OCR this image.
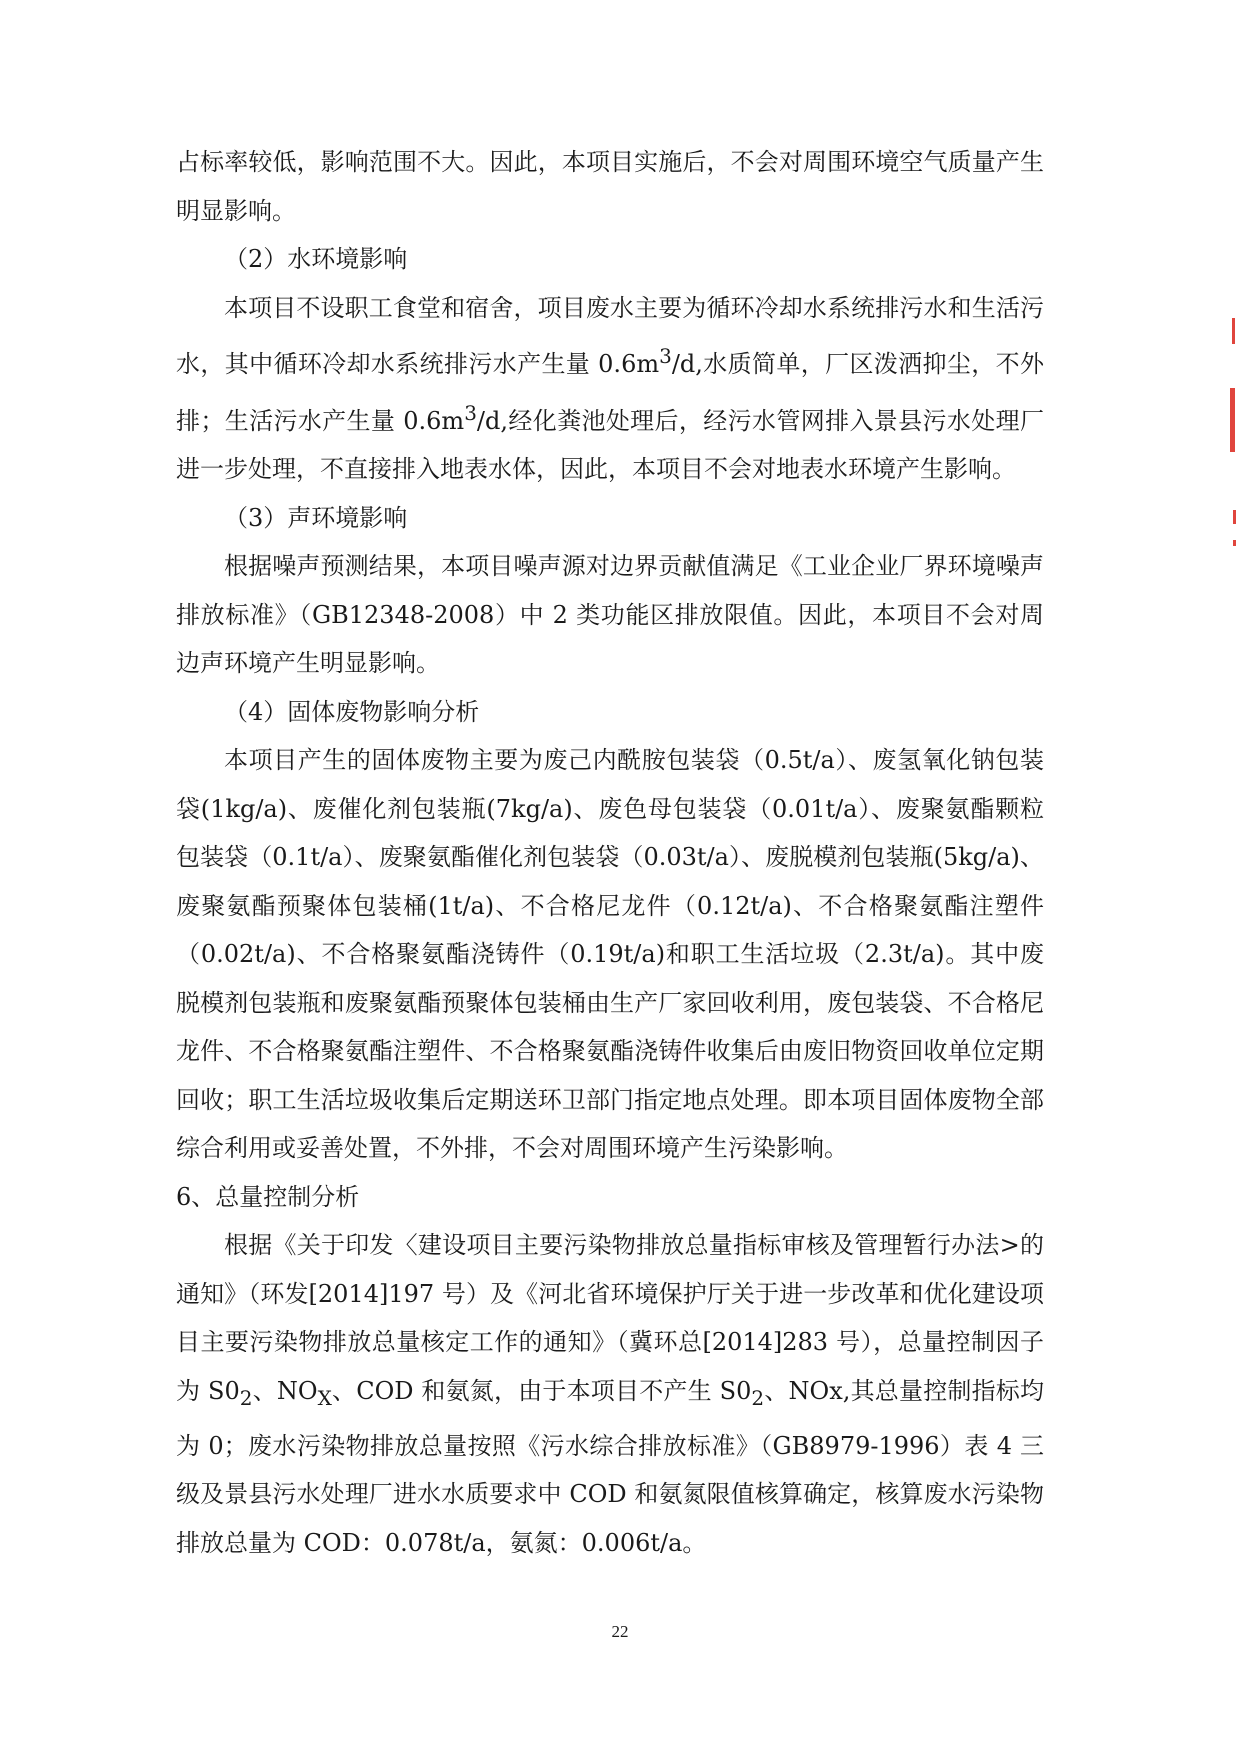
占标率较低，影响范围不大。因此，本项目实施后，不会对周围环境空气质量产生明显影响。

（2）水环境影响

本项目不设职工食堂和宿舍，项目废水主要为循环冷却水系统排污水和生活污水，其中循环冷却水系统排污水产生量 $0.6m^3/d$,水质简单，厂区泼洒抑尘，不外排；生活污水产生量 $0.6m^3/d$,经化粪池处理后，经污水管网排入景县污水处理厂进一步处理，不直接排入地表水体，因此，本项目不会对地表水环境产生影响。

（3）声环境影响

根据噪声预测结果，本项目噪声源对边界贡献值满足《工业企业厂界环境噪声排放标准》（GB12348-2008）中 2 类功能区排放限值。因此，本项目不会对周边声环境产生明显影响。

（4）固体废物影响分析

本项目产生的固体废物主要为废己内酰胺包装袋（0.5t/a）、废氢氧化钠包装袋(1kg/a)、废催化剂包装瓶(7kg/a)、废色母包装袋（0.01t/a）、废聚氨酯颗粒包装袋（0.1t/a）、废聚氨酯催化剂包装袋（0.03t/a）、废脱模剂包装瓶(5kg/a)、废聚氨酯预聚体包装桶(1t/a)、不合格尼龙件（0.12t/a)、不合格聚氨酯注塑件（0.02t/a)、不合格聚氨酯浇铸件（0.19t/a)和职工生活垃圾（2.3t/a)。其中废脱模剂包装瓶和废聚氨酯预聚体包装桶由生产厂家回收利用，废包装袋、不合格尼龙件、不合格聚氨酯注塑件、不合格聚氨酯浇铸件收集后由废旧物资回收单位定期回收；职工生活垃圾收集后定期送环卫部门指定地点处理。即本项目固体废物全部综合利用或妥善处置，不外排，不会对周围环境产生污染影响。

6、总量控制分析

根据《关于印发〈建设项目主要污染物排放总量指标审核及管理暂行办法>的通知》（环发[2014]197 号）及《河北省环境保护厅关于进一步改革和优化建设项目主要污染物排放总量核定工作的通知》（冀环总[2014]283 号），总量控制因子为 $S0_2$、$NO_X$、COD 和氨氮，由于本项目不产生 $S0_2$、NOx,其总量控制指标均为 0；废水污染物排放总量按照《污水综合排放标准》（GB8979-1996）表 4 三级及景县污水处理厂进水水质要求中 COD 和氨氮限值核算确定，核算废水污染物排放总量为 COD：0.078t/a，氨氮：0.006t/a。

22
